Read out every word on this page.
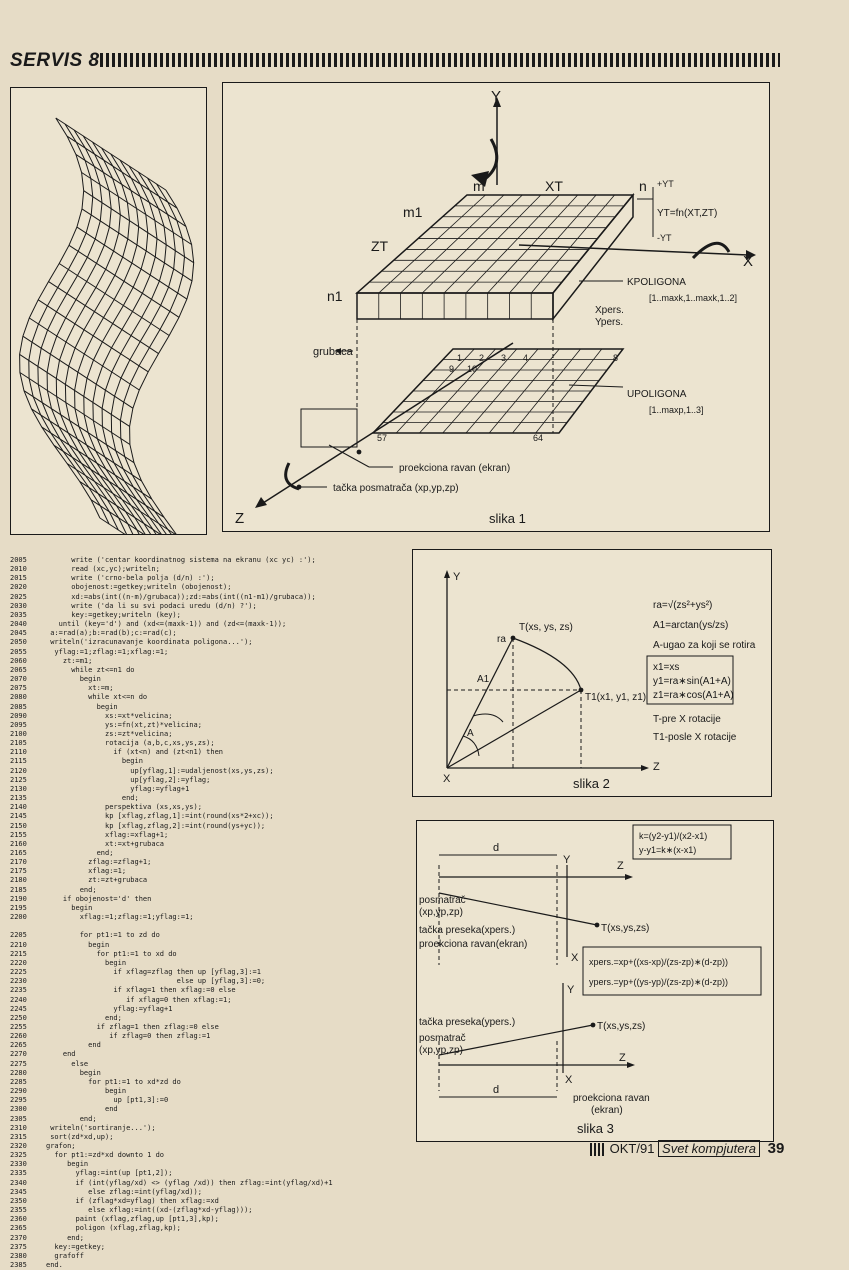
SERVIS 8
Y
X
Z
m	XT	n
m1
ZT
n1
+YT
YT=fn(XT,ZT)
-YT
KPOLIGONA
[1..maxk,1..maxk,1..2]
Xpers.
Ypers.
grubaca	1 2 3 4	8
9 10
57	64
UPOLIGONA
[1..maxp,1..3]
proekciona ravan (ekran)
tačka posmatrača (xp,yp,zp)
slika 1
2005	write ('centar koordinatnog sistema na ekranu (xc yc) :');
2010	read (xc,yc);writeln;
2015	write ('crno-bela polja (d/n) :');
2020	obojenost:=getkey;writeln (obojenost);
2025	xd:=abs(int((n-m)/grubaca));zd:=abs(int((n1-m1)/grubaca));
2030	write ('da li su svi podaci uredu (d/n) ?');
2035	key:=getkey;writeln (key);
2040	until (key='d') and (xd<=(maxk-1)) and (zd<=(maxk-1));
2045	a:=rad(a);b:=rad(b);c:=rad(c);
2050	writeln('izracunavanje koordinata poligona...');
2055	yflag:=1;zflag:=1;xflag:=1;
2060	zt:=m1;
2065	while zt<=n1 do
2070	begin
2075	xt:=m;
2080	while xt<=n do
2085	begin
2090	xs:=xt*velicina;
2095	ys:=fn(xt,zt)*velicina;
2100	zs:=zt*velicina;
2105	rotacija (a,b,c,xs,ys,zs);
2110	if (xt<n) and (zt<n1) then
2115	begin
2120	up[yflag,1]:=udaljenost(xs,ys,zs);
2125	up[yflag,2]:=yflag;
2130	yflag:=yflag+1
2135	end;
2140	perspektiva (xs,xs,ys);
2145	kp [xflag,zflag,1]:=int(round(xs*2+xc));
2150	kp [xflag,zflag,2]:=int(round(ys+yc));
2155	xflag:=xflag+1;
2160	xt:=xt+grubaca
2165	end;
2170	zflag:=zflag+1;
2175	xflag:=1;
2180	zt:=zt+grubaca
2185	end;
2190	if obojenost='d' then
2195	begin
2200	xflag:=1;zflag:=1;yflag:=1;
2205	for pt1:=1 to zd do
2210	begin
2215	for pt1:=1 to xd do
2220	begin
2225	if xflag=zflag then up [yflag,3]:=1
2230	else up [yflag,3]:=0;
2235	if xflag=1 then xflag:=0 else
2240	if xflag=0 then xflag:=1;
2245	yflag:=yflag+1
2250	end;
2255	if zflag=1 then zflag:=0 else
2260	if zflag=0 then zflag:=1
2265	end
2270	end
2275	else
2280	begin
2285	for pt1:=1 to xd*zd do
2290	begin
2295	up [pt1,3]:=0
2300	end
2305	end;
2310	writeln('sortiranje...');
2315	sort(zd*xd,up);
2320	grafon;
2325	for pt1:=zd*xd downto 1 do
2330	begin
2335	yflag:=int(up [pt1,2]);
2340	if (int(yflag/xd) <> (yflag /xd)) then zflag:=int(yflag/xd)+1
2345	else zflag:=int(yflag/xd));
2350	if (zflag*xd=yflag) then xflag:=xd
2355	else xflag:=int((xd-(zflag*xd-yflag)));
2360	paint (xflag,zflag,up [pt1,3],kp);
2365	poligon (xflag,zflag,kp);
2370	end;
2375	key:=getkey;
2380	grafoff
2385	end.
Y
X
Z
T(xs, ys, zs)
ra
A1
A
T1(x1, y1, z1)
ra=√(zs²+ys²)
A1=arctan(ys/zs)
A-ugao za koji se rotira
x1=xs
y1=ra∗sin(A1+A)
z1=ra∗cos(A1+A)
T-pre X rotacije
T1-posle X rotacije
slika 2
k=(y2-y1)/(x2-x1)
y-y1=k∗(x-x1)
d
Y	Z
posmatrač
(xp,yp,zp)
tačka preseka(xpers.)
proekciona ravan(ekran)
T(xs,ys,zs)
X xpers.=xp+((xs-xp)/(zs-zp)∗(d-zp))
ypers.=yp+((ys-yp)/(zs-zp)∗(d-zp))
Y
tačka preseka(ypers.)
posmatrač
(xp,yp,zp)
T(xs,ys,zs)
Z
X
d
proekciona ravan
(ekran)
slika 3
OKT/91 Svet kompjutera 39
